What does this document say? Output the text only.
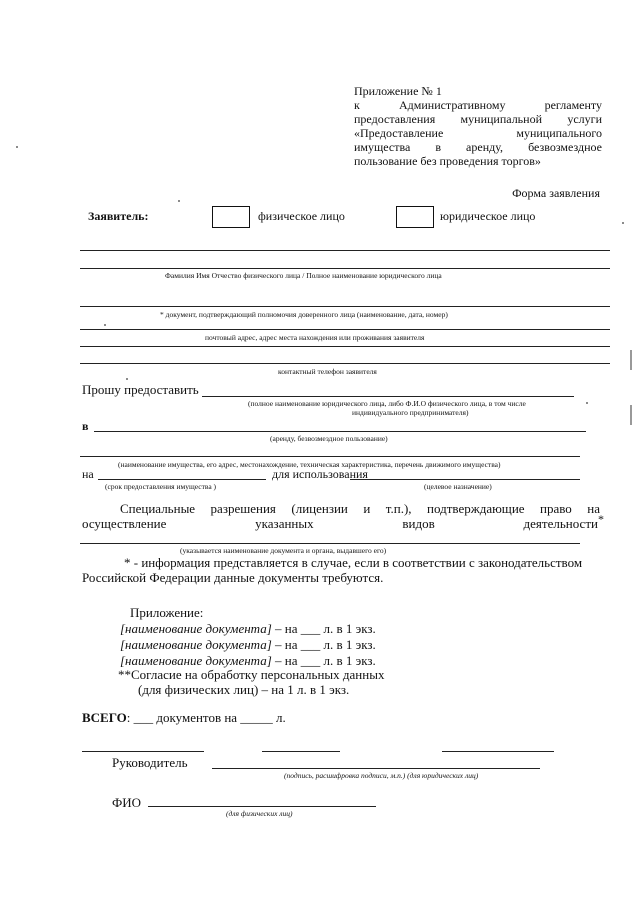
Приложение № 1
к Административному регламенту
предоставления муниципальной услуги
«Предоставление муниципального
имущества в аренду, безвозмездное
пользование без проведения торгов»
Форма заявления
Заявитель:	физическое лицо	юридическое лицо
Фамилия Имя Отчество физического лица / Полное наименование юридического лица
* документ, подтверждающий полномочия доверенного лица (наименование, дата, номер)
почтовый адрес, адрес места нахождения или проживания заявителя
контактный телефон заявителя
Прошу предоставить
(полное наименование юридического лица, либо Ф.И.О физического лица, в том числе
индивидуального предпринимателя)
в
(аренду, безвозмездное пользование)
(наименование имущества, его адрес, местонахождение, техническая характеристика, перечень движимого имущества)
на	для использования
(срок предоставления имущества )	(целевое назначение)
Специальные разрешения (лицензии и т.п.), подтверждающие право на
осуществление	указанных	видов	деятельности *
(указывается наименование документа и органа, выдавшего его)
* - информация представляется в случае, если в соответствии с законодательством
Российской Федерации данные документы требуются.
Приложение:
[наименование документа] – на ___ л. в 1 экз.
[наименование документа] – на ___ л. в 1 экз.
[наименование документа] – на ___ л. в 1 экз.
**Согласие на обработку персональных данных
(для физических лиц) – на 1 л. в 1 экз.
ВСЕГО: ___ документов на _____ л.
Руководитель
(подпись, расшифровка подписи, м.п.) (для юридических лиц)
ФИО
(для физических лиц)
